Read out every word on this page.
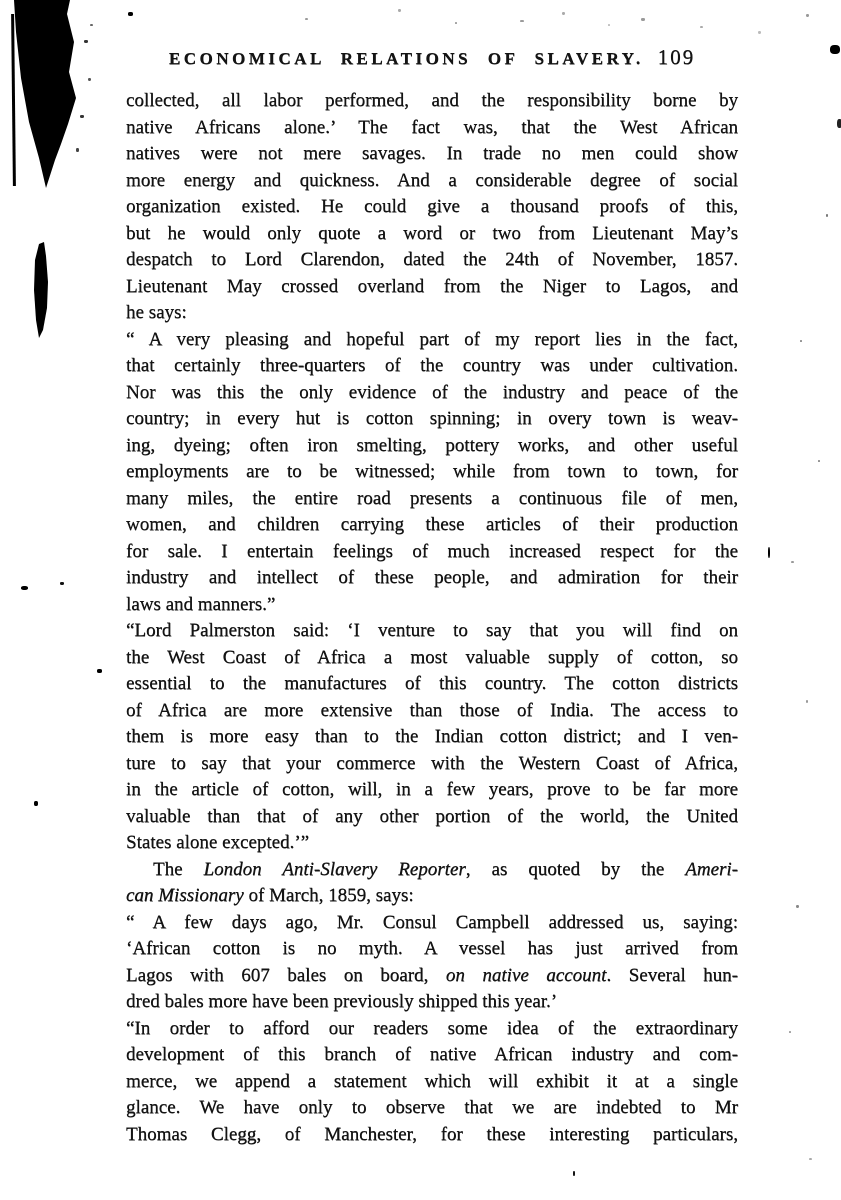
ECONOMICAL RELATIONS OF SLAVERY. 109
collected, all labor performed, and the responsibility borne by
native Africans alone.’ The fact was, that the West African
natives were not mere savages. In trade no men could show
more energy and quickness. And a considerable degree of social
organization existed. He could give a thousand proofs of this,
but he would only quote a word or two from Lieutenant May’s
despatch to Lord Clarendon, dated the 24th of November, 1857.
Lieutenant May crossed overland from the Niger to Lagos, and
he says:
“ A very pleasing and hopeful part of my report lies in the fact,
that certainly three-quarters of the country was under cultivation.
Nor was this the only evidence of the industry and peace of the
country; in every hut is cotton spinning; in overy town is weav-
ing, dyeing; often iron smelting, pottery works, and other useful
employments are to be witnessed; while from town to town, for
many miles, the entire road presents a continuous file of men,
women, and children carrying these articles of their production
for sale. I entertain feelings of much increased respect for the
industry and intellect of these people, and admiration for their
laws and manners.”
“Lord Palmerston said: ‘I venture to say that you will find on
the West Coast of Africa a most valuable supply of cotton, so
essential to the manufactures of this country. The cotton districts
of Africa are more extensive than those of India. The access to
them is more easy than to the Indian cotton district; and I ven-
ture to say that your commerce with the Western Coast of Africa,
in the article of cotton, will, in a few years, prove to be far more
valuable than that of any other portion of the world, the United
States alone excepted.’”
The London Anti-Slavery Reporter, as quoted by the Ameri-
can Missionary of March, 1859, says:
“ A few days ago, Mr. Consul Campbell addressed us, saying:
‘African cotton is no myth. A vessel has just arrived from
Lagos with 607 bales on board, on native account. Several hun-
dred bales more have been previously shipped this year.’
“In order to afford our readers some idea of the extraordinary
development of this branch of native African industry and com-
merce, we append a statement which will exhibit it at a single
glance. We have only to observe that we are indebted to Mr
Thomas Clegg, of Manchester, for these interesting particulars,
